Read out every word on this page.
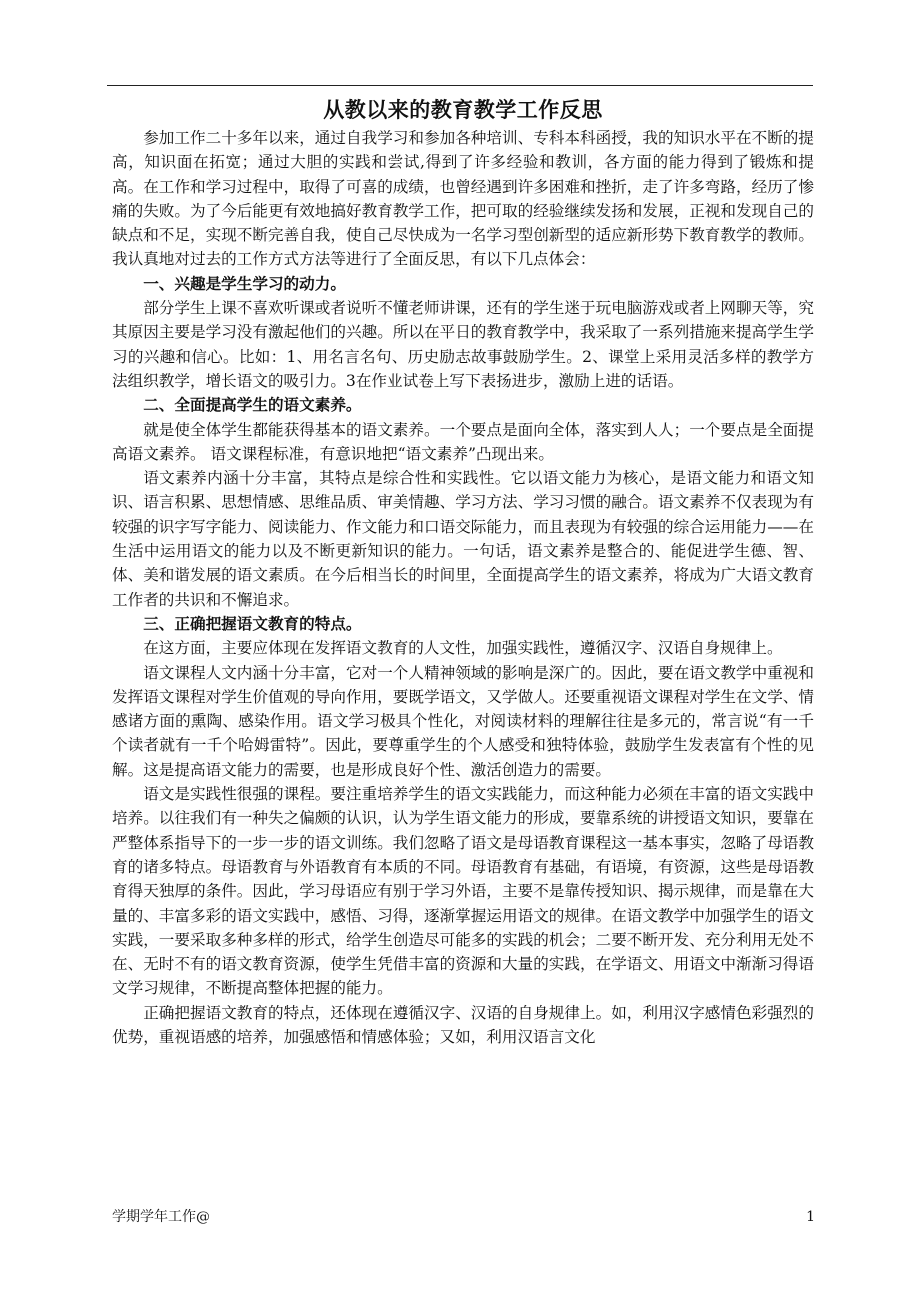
从教以来的教育教学工作反思

参加工作二十多年以来，通过自我学习和参加各种培训、专科本科函授，我的知识水平在不断的提高，知识面在拓宽；通过大胆的实践和尝试,得到了许多经验和教训，各方面的能力得到了锻炼和提高。在工作和学习过程中，取得了可喜的成绩，也曾经遇到许多困难和挫折，走了许多弯路，经历了惨痛的失败。为了今后能更有效地搞好教育教学工作，把可取的经验继续发扬和发展，正视和发现自己的缺点和不足，实现不断完善自我，使自己尽快成为一名学习型创新型的适应新形势下教育教学的教师。我认真地对过去的工作方式方法等进行了全面反思，有以下几点体会：

一、兴趣是学生学习的动力。

部分学生上课不喜欢听课或者说听不懂老师讲课，还有的学生迷于玩电脑游戏或者上网聊天等，究其原因主要是学习没有激起他们的兴趣。所以在平日的教育教学中，我采取了一系列措施来提高学生学习的兴趣和信心。比如：1、用名言名句、历史励志故事鼓励学生。2、课堂上采用灵活多样的教学方法组织教学，增长语文的吸引力。3在作业试卷上写下表扬进步，激励上进的话语。

二、全面提高学生的语文素养。

就是使全体学生都能获得基本的语文素养。一个要点是面向全体，落实到人人；一个要点是全面提高语文素养。 语文课程标准，有意识地把“语文素养”凸现出来。

语文素养内涵十分丰富，其特点是综合性和实践性。它以语文能力为核心，是语文能力和语文知识、语言积累、思想情感、思维品质、审美情趣、学习方法、学习习惯的融合。语文素养不仅表现为有较强的识字写字能力、阅读能力、作文能力和口语交际能力，而且表现为有较强的综合运用能力——在生活中运用语文的能力以及不断更新知识的能力。一句话，语文素养是整合的、能促进学生德、智、体、美和谐发展的语文素质。在今后相当长的时间里，全面提高学生的语文素养，将成为广大语文教育工作者的共识和不懈追求。

三、正确把握语文教育的特点。

在这方面，主要应体现在发挥语文教育的人文性，加强实践性，遵循汉字、汉语自身规律上。

语文课程人文内涵十分丰富，它对一个人精神领域的影响是深广的。因此，要在语文教学中重视和发挥语文课程对学生价值观的导向作用，要既学语文，又学做人。还要重视语文课程对学生在文学、情感诸方面的熏陶、感染作用。语文学习极具个性化，对阅读材料的理解往往是多元的，常言说“有一千个读者就有一千个哈姆雷特”。因此，要尊重学生的个人感受和独特体验，鼓励学生发表富有个性的见解。这是提高语文能力的需要，也是形成良好个性、激活创造力的需要。

语文是实践性很强的课程。要注重培养学生的语文实践能力，而这种能力必须在丰富的语文实践中培养。以往我们有一种失之偏颇的认识，认为学生语文能力的形成，要靠系统的讲授语文知识，要靠在严整体系指导下的一步一步的语文训练。我们忽略了语文是母语教育课程这一基本事实，忽略了母语教育的诸多特点。母语教育与外语教育有本质的不同。母语教育有基础，有语境，有资源，这些是母语教育得天独厚的条件。因此，学习母语应有别于学习外语，主要不是靠传授知识、揭示规律，而是靠在大量的、丰富多彩的语文实践中，感悟、习得，逐渐掌握运用语文的规律。在语文教学中加强学生的语文实践，一要采取多种多样的形式，给学生创造尽可能多的实践的机会；二要不断开发、充分利用无处不在、无时不有的语文教育资源，使学生凭借丰富的资源和大量的实践，在学语文、用语文中渐渐习得语文学习规律，不断提高整体把握的能力。

正确把握语文教育的特点，还体现在遵循汉字、汉语的自身规律上。如，利用汉字感情色彩强烈的优势，重视语感的培养，加强感悟和情感体验；又如，利用汉语言文化

学期学年工作@	1
